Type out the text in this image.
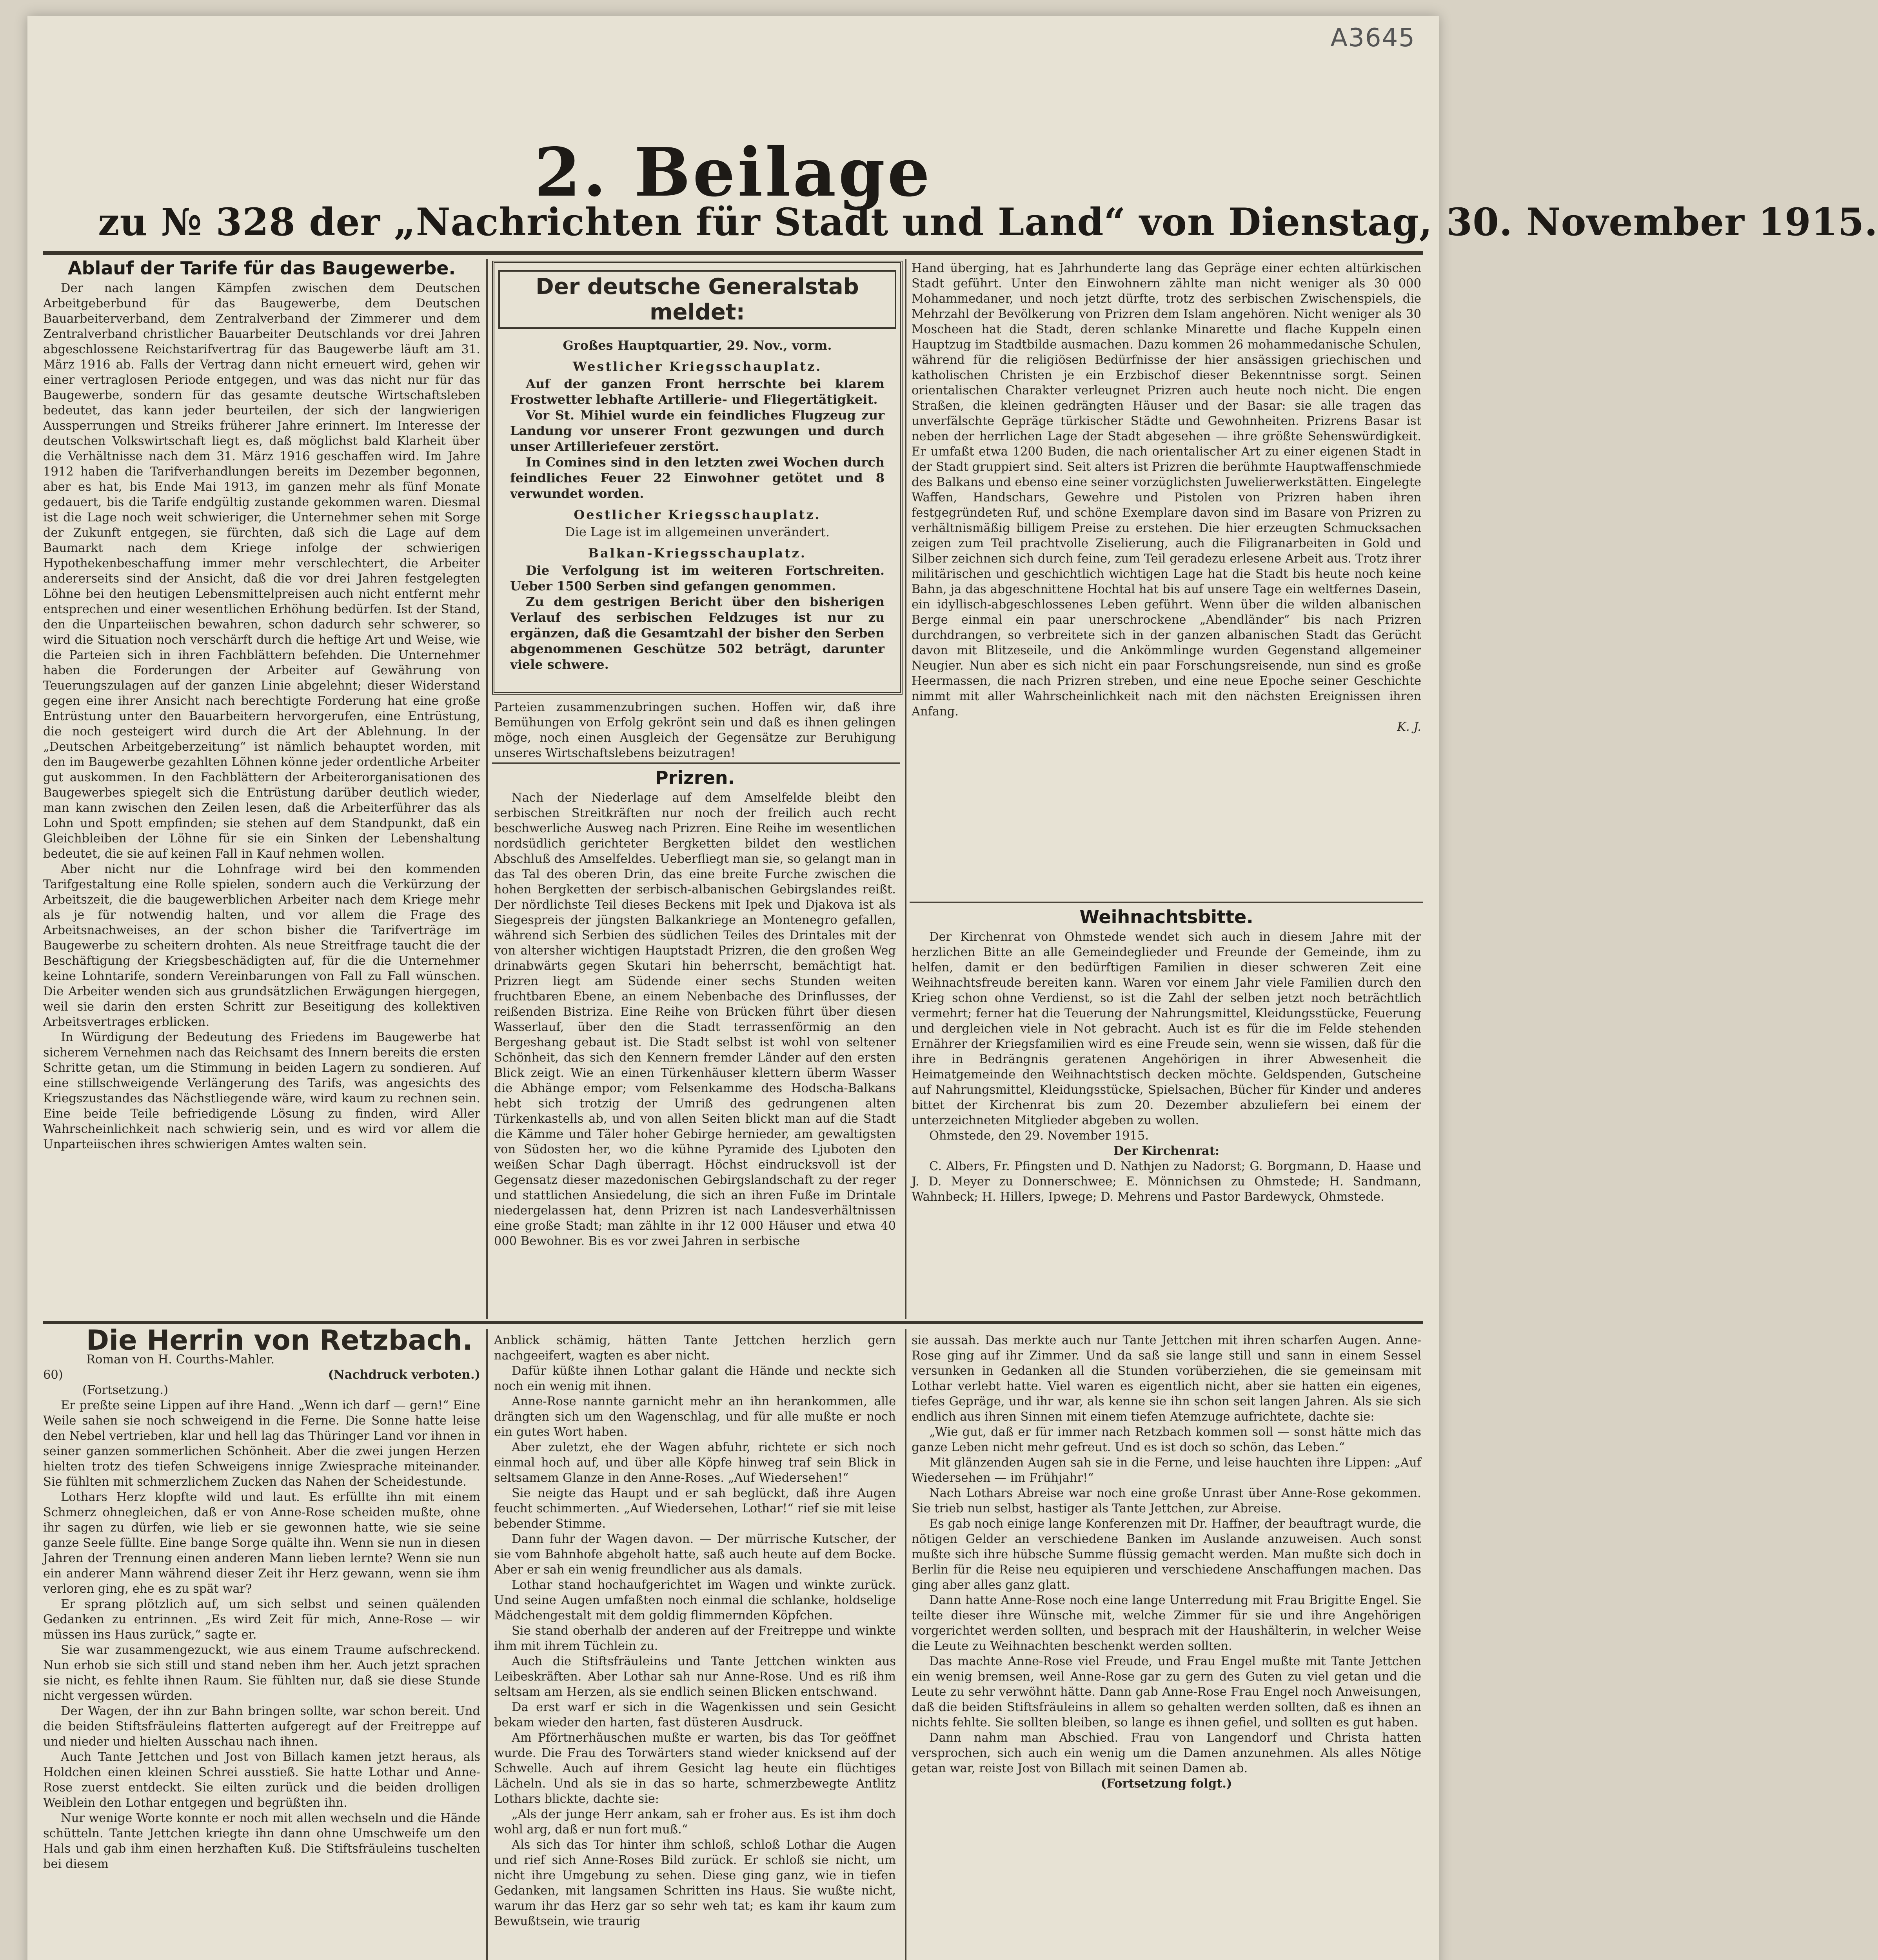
A3645
2. Beilage
zu № 328 der „Nachrichten für Stadt und Land“ von Dienstag, 30. November 1915.
Ablauf der Tarife für das Baugewerbe.

Der nach langen Kämpfen zwischen dem Deutschen Arbeitgeberbund für das Baugewerbe, dem Deutschen Bauarbeiterverband, dem Zentralverband der Zimmerer und dem Zentralverband christlicher Bauarbeiter Deutschlands vor drei Jahren abgeschlossene Reichstarifvertrag für das Baugewerbe läuft am 31. März 1916 ab. Falls der Vertrag dann nicht erneuert wird, gehen wir einer vertraglosen Periode entgegen, und was das nicht nur für das Baugewerbe, sondern für das gesamte deutsche Wirtschaftsleben bedeutet, das kann jeder beurteilen, der sich der langwierigen Aussperrungen und Streiks früherer Jahre erinnert. Im Interesse der deutschen Volkswirtschaft liegt es, daß möglichst bald Klarheit über die Verhältnisse nach dem 31. März 1916 geschaffen wird. Im Jahre 1912 haben die Tarifverhandlungen bereits im Dezember begonnen, aber es hat, bis Ende Mai 1913, im ganzen mehr als fünf Monate gedauert, bis die Tarife endgültig zustande gekommen waren. Diesmal ist die Lage noch weit schwieriger, die Unternehmer sehen mit Sorge der Zukunft entgegen, sie fürchten, daß sich die Lage auf dem Baumarkt nach dem Kriege infolge der schwierigen Hypothekenbeschaffung immer mehr verschlechtert, die Arbeiter andererseits sind der Ansicht, daß die vor drei Jahren festgelegten Löhne bei den heutigen Lebensmittelpreisen auch nicht entfernt mehr entsprechen und einer wesentlichen Erhöhung bedürfen. Ist der Stand, den die Unparteiischen bewahren, schon dadurch sehr schwerer, so wird die Situation noch verschärft durch die heftige Art und Weise, wie die Parteien sich in ihren Fachblättern befehden. Die Unternehmer haben die Forderungen der Arbeiter auf Gewährung von Teuerungszulagen auf der ganzen Linie abgelehnt; dieser Widerstand gegen eine ihrer Ansicht nach berechtigte Forderung hat eine große Entrüstung unter den Bauarbeitern hervorgerufen, eine Entrüstung, die noch gesteigert wird durch die Art der Ablehnung. In der „Deutschen Arbeitgeberzeitung“ ist nämlich behauptet worden, mit den im Baugewerbe gezahlten Löhnen könne jeder ordentliche Arbeiter gut auskommen. In den Fachblättern der Arbeiterorganisationen des Baugewerbes spiegelt sich die Entrüstung darüber deutlich wieder, man kann zwischen den Zeilen lesen, daß die Arbeiterführer das als Lohn und Spott empfinden; sie stehen auf dem Standpunkt, daß ein Gleichbleiben der Löhne für sie ein Sinken der Lebenshaltung bedeutet, die sie auf keinen Fall in Kauf nehmen wollen.

Aber nicht nur die Lohnfrage wird bei den kommenden Tarifgestaltung eine Rolle spielen, sondern auch die Verkürzung der Arbeitszeit, die die baugewerblichen Arbeiter nach dem Kriege mehr als je für notwendig halten, und vor allem die Frage des Arbeitsnachweises, an der schon bisher die Tarifverträge im Baugewerbe zu scheitern drohten. Als neue Streitfrage taucht die der Beschäftigung der Kriegsbeschädigten auf, für die die Unternehmer keine Lohntarife, sondern Vereinbarungen von Fall zu Fall wünschen. Die Arbeiter wenden sich aus grundsätzlichen Erwägungen hiergegen, weil sie darin den ersten Schritt zur Beseitigung des kollektiven Arbeitsvertrages erblicken.

In Würdigung der Bedeutung des Friedens im Baugewerbe hat sicherem Vernehmen nach das Reichsamt des Innern bereits die ersten Schritte getan, um die Stimmung in beiden Lagern zu sondieren. Auf eine stillschweigende Verlängerung des Tarifs, was angesichts des Kriegszustandes das Nächstliegende wäre, wird kaum zu rechnen sein. Eine beide Teile befriedigende Lösung zu finden, wird Aller Wahrscheinlichkeit nach schwierig sein, und es wird vor allem die Unparteiischen ihres schwierigen Amtes walten sein.

Der deutsche Generalstab meldet:

Großes Hauptquartier, 29. Nov., vorm.

Westlicher Kriegsschauplatz.

Auf der ganzen Front herrschte bei klarem Frostwetter lebhafte Artillerie- und Fliegertätigkeit.

Vor St. Mihiel wurde ein feindliches Flugzeug zur Landung vor unserer Front gezwungen und durch unser Artilleriefeuer zerstört.

In Comines sind in den letzten zwei Wochen durch feindliches Feuer 22 Einwohner getötet und 8 verwundet worden.

Oestlicher Kriegsschauplatz.

Die Lage ist im allgemeinen unverändert.

Balkan-Kriegsschauplatz.

Die Verfolgung ist im weiteren Fortschreiten. Ueber 1500 Serben sind gefangen genommen.

Zu dem gestrigen Bericht über den bisherigen Verlauf des serbischen Feldzuges ist nur zu ergänzen, daß die Gesamtzahl der bisher den Serben abgenommenen Geschütze 502 beträgt, darunter viele schwere.

Parteien zusammenzubringen suchen. Hoffen wir, daß ihre Bemühungen von Erfolg gekrönt sein und daß es ihnen gelingen möge, noch einen Ausgleich der Gegensätze zur Beruhigung unseres Wirtschaftslebens beizutragen!

Prizren.

Nach der Niederlage auf dem Amselfelde bleibt den serbischen Streitkräften nur noch der freilich auch recht beschwerliche Ausweg nach Prizren. Eine Reihe im wesentlichen nordsüdlich gerichteter Bergketten bildet den westlichen Abschluß des Amselfeldes. Ueberfliegt man sie, so gelangt man in das Tal des oberen Drin, das eine breite Furche zwischen die hohen Bergketten der serbisch-albanischen Gebirgslandes reißt. Der nördlichste Teil dieses Beckens mit Ipek und Djakova ist als Siegespreis der jüngsten Balkankriege an Montenegro gefallen, während sich Serbien des südlichen Teiles des Drintales mit der von altersher wichtigen Hauptstadt Prizren, die den großen Weg drinabwärts gegen Skutari hin beherrscht, bemächtigt hat. Prizren liegt am Südende einer sechs Stunden weiten fruchtbaren Ebene, an einem Nebenbache des Drinflusses, der reißenden Bistriza. Eine Reihe von Brücken führt über diesen Wasserlauf, über den die Stadt terrassenförmig an den Bergeshang gebaut ist. Die Stadt selbst ist wohl von seltener Schönheit, das sich den Kennern fremder Länder auf den ersten Blick zeigt. Wie an einen Türkenhäuser klettern überm Wasser die Abhänge empor; vom Felsenkamme des Hodscha-Balkans hebt sich trotzig der Umriß des gedrungenen alten Türkenkastells ab, und von allen Seiten blickt man auf die Stadt die Kämme und Täler hoher Gebirge hernieder, am gewaltigsten von Südosten her, wo die kühne Pyramide des Ljuboten den weißen Schar Dagh überragt. Höchst eindrucksvoll ist der Gegensatz dieser mazedonischen Gebirgslandschaft zu der reger und stattlichen Ansiedelung, die sich an ihren Fuße im Drintale niedergelassen hat, denn Prizren ist nach Landesverhältnissen eine große Stadt; man zählte in ihr 12 000 Häuser und etwa 40 000 Bewohner. Bis es vor zwei Jahren in serbische

Hand überging, hat es Jahrhunderte lang das Gepräge einer echten altürkischen Stadt geführt. Unter den Einwohnern zählte man nicht weniger als 30 000 Mohammedaner, und noch jetzt dürfte, trotz des serbischen Zwischenspiels, die Mehrzahl der Bevölkerung von Prizren dem Islam angehören. Nicht weniger als 30 Moscheen hat die Stadt, deren schlanke Minarette und flache Kuppeln einen Hauptzug im Stadtbilde ausmachen. Dazu kommen 26 mohammedanische Schulen, während für die religiösen Bedürfnisse der hier ansässigen griechischen und katholischen Christen je ein Erzbischof dieser Bekenntnisse sorgt. Seinen orientalischen Charakter verleugnet Prizren auch heute noch nicht. Die engen Straßen, die kleinen gedrängten Häuser und der Basar: sie alle tragen das unverfälschte Gepräge türkischer Städte und Gewohnheiten. Prizrens Basar ist neben der herrlichen Lage der Stadt abgesehen — ihre größte Sehenswürdigkeit. Er umfaßt etwa 1200 Buden, die nach orientalischer Art zu einer eigenen Stadt in der Stadt gruppiert sind. Seit alters ist Prizren die berühmte Hauptwaffenschmiede des Balkans und ebenso eine seiner vorzüglichsten Juwelierwerkstätten. Eingelegte Waffen, Handschars, Gewehre und Pistolen von Prizren haben ihren festgegründeten Ruf, und schöne Exemplare davon sind im Basare von Prizren zu verhältnismäßig billigem Preise zu erstehen. Die hier erzeugten Schmucksachen zeigen zum Teil prachtvolle Ziselierung, auch die Filigranarbeiten in Gold und Silber zeichnen sich durch feine, zum Teil geradezu erlesene Arbeit aus. Trotz ihrer militärischen und geschichtlich wichtigen Lage hat die Stadt bis heute noch keine Bahn, ja das abgeschnittene Hochtal hat bis auf unsere Tage ein weltfernes Dasein, ein idyllisch-abgeschlossenes Leben geführt. Wenn über die wilden albanischen Berge einmal ein paar unerschrockene „Abendländer“ bis nach Prizren durchdrangen, so verbreitete sich in der ganzen albanischen Stadt das Gerücht davon mit Blitzeseile, und die Ankömmlinge wurden Gegenstand allgemeiner Neugier. Nun aber es sich nicht ein paar Forschungsreisende, nun sind es große Heermassen, die nach Prizren streben, und eine neue Epoche seiner Geschichte nimmt mit aller Wahrscheinlichkeit nach mit den nächsten Ereignissen ihren Anfang.

K. J.

Weihnachtsbitte.

Der Kirchenrat von Ohmstede wendet sich auch in diesem Jahre mit der herzlichen Bitte an alle Gemeindeglieder und Freunde der Gemeinde, ihm zu helfen, damit er den bedürftigen Familien in dieser schweren Zeit eine Weihnachtsfreude bereiten kann. Waren vor einem Jahr viele Familien durch den Krieg schon ohne Verdienst, so ist die Zahl der selben jetzt noch beträchtlich vermehrt; ferner hat die Teuerung der Nahrungsmittel, Kleidungsstücke, Feuerung und dergleichen viele in Not gebracht. Auch ist es für die im Felde stehenden Ernährer der Kriegsfamilien wird es eine Freude sein, wenn sie wissen, daß für die ihre in Bedrängnis geratenen Angehörigen in ihrer Abwesenheit die Heimatgemeinde den Weihnachtstisch decken möchte. Geldspenden, Gutscheine auf Nahrungsmittel, Kleidungsstücke, Spielsachen, Bücher für Kinder und anderes bittet der Kirchenrat bis zum 20. Dezember abzuliefern bei einem der unterzeichneten Mitglieder abgeben zu wollen.

Ohmstede, den 29. November 1915.

Der Kirchenrat:

C. Albers, Fr. Pfingsten und D. Nathjen zu Nadorst; G. Borgmann, D. Haase und J. D. Meyer zu Donnerschwee; E. Mönnichsen zu Ohmstede; H. Sandmann, Wahnbeck; H. Hillers, Ipwege; D. Mehrens und Pastor Bardewyck, Ohmstede.

Die Herrin von Retzbach.

Roman von H. Courths-Mahler.

60)	(Nachdruck verboten.)

(Fortsetzung.)

Er preßte seine Lippen auf ihre Hand. „Wenn ich darf — gern!“ Eine Weile sahen sie noch schweigend in die Ferne. Die Sonne hatte leise den Nebel vertrieben, klar und hell lag das Thüringer Land vor ihnen in seiner ganzen sommerlichen Schönheit. Aber die zwei jungen Herzen hielten trotz des tiefen Schweigens innige Zwiesprache miteinander. Sie fühlten mit schmerzlichem Zucken das Nahen der Scheidestunde.

Lothars Herz klopfte wild und laut. Es erfüllte ihn mit einem Schmerz ohnegleichen, daß er von Anne-Rose scheiden mußte, ohne ihr sagen zu dürfen, wie lieb er sie gewonnen hatte, wie sie seine ganze Seele füllte. Eine bange Sorge quälte ihn. Wenn sie nun in diesen Jahren der Trennung einen anderen Mann lieben lernte? Wenn sie nun ein anderer Mann während dieser Zeit ihr Herz gewann, wenn sie ihm verloren ging, ehe es zu spät war?

Er sprang plötzlich auf, um sich selbst und seinen quälenden Gedanken zu entrinnen. „Es wird Zeit für mich, Anne-Rose — wir müssen ins Haus zurück,“ sagte er.

Sie war zusammengezuckt, wie aus einem Traume aufschreckend. Nun erhob sie sich still und stand neben ihm her. Auch jetzt sprachen sie nicht, es fehlte ihnen Raum. Sie fühlten nur, daß sie diese Stunde nicht vergessen würden.

Der Wagen, der ihn zur Bahn bringen sollte, war schon bereit. Und die beiden Stiftsfräuleins flatterten aufgeregt auf der Freitreppe auf und nieder und hielten Ausschau nach ihnen.

Auch Tante Jettchen und Jost von Billach kamen jetzt heraus, als Holdchen einen kleinen Schrei ausstieß. Sie hatte Lothar und Anne-Rose zuerst entdeckt. Sie eilten zurück und die beiden drolligen Weiblein den Lothar entgegen und begrüßten ihn.

Nur wenige Worte konnte er noch mit allen wechseln und die Hände schütteln. Tante Jettchen kriegte ihn dann ohne Umschweife um den Hals und gab ihm einen herzhaften Kuß. Die Stiftsfräuleins tuschelten bei diesem

Anblick schämig, hätten Tante Jettchen herzlich gern nachgeeifert, wagten es aber nicht.

Dafür küßte ihnen Lothar galant die Hände und neckte sich noch ein wenig mit ihnen.

Anne-Rose nannte garnicht mehr an ihn herankommen, alle drängten sich um den Wagenschlag, und für alle mußte er noch ein gutes Wort haben.

Aber zuletzt, ehe der Wagen abfuhr, richtete er sich noch einmal hoch auf, und über alle Köpfe hinweg traf sein Blick in seltsamem Glanze in den Anne-Roses. „Auf Wiedersehen!“

Sie neigte das Haupt und er sah beglückt, daß ihre Augen feucht schimmerten. „Auf Wiedersehen, Lothar!“ rief sie mit leise bebender Stimme.

Dann fuhr der Wagen davon. — Der mürrische Kutscher, der sie vom Bahnhofe abgeholt hatte, saß auch heute auf dem Bocke. Aber er sah ein wenig freundlicher aus als damals.

Lothar stand hochaufgerichtet im Wagen und winkte zurück. Und seine Augen umfaßten noch einmal die schlanke, holdselige Mädchengestalt mit dem goldig flimmernden Köpfchen.

Sie stand oberhalb der anderen auf der Freitreppe und winkte ihm mit ihrem Tüchlein zu.

Auch die Stiftsfräuleins und Tante Jettchen winkten aus Leibeskräften. Aber Lothar sah nur Anne-Rose. Und es riß ihm seltsam am Herzen, als sie endlich seinen Blicken entschwand.

Da erst warf er sich in die Wagenkissen und sein Gesicht bekam wieder den harten, fast düsteren Ausdruck.

Am Pförtnerhäuschen mußte er warten, bis das Tor geöffnet wurde. Die Frau des Torwärters stand wieder knicksend auf der Schwelle. Auch auf ihrem Gesicht lag heute ein flüchtiges Lächeln. Und als sie in das so harte, schmerzbewegte Antlitz Lothars blickte, dachte sie:

„Als der junge Herr ankam, sah er froher aus. Es ist ihm doch wohl arg, daß er nun fort muß.“

Als sich das Tor hinter ihm schloß, schloß Lothar die Augen und rief sich Anne-Roses Bild zurück. Er schloß sie nicht, um nicht ihre Umgebung zu sehen. Diese ging ganz, wie in tiefen Gedanken, mit langsamen Schritten ins Haus. Sie wußte nicht, warum ihr das Herz gar so sehr weh tat; es kam ihr kaum zum Bewußtsein, wie traurig

sie aussah. Das merkte auch nur Tante Jettchen mit ihren scharfen Augen. Anne-Rose ging auf ihr Zimmer. Und da saß sie lange still und sann in einem Sessel versunken in Gedanken all die Stunden vorüberziehen, die sie gemeinsam mit Lothar verlebt hatte. Viel waren es eigentlich nicht, aber sie hatten ein eigenes, tiefes Gepräge, und ihr war, als kenne sie ihn schon seit langen Jahren. Als sie sich endlich aus ihren Sinnen mit einem tiefen Atemzuge aufrichtete, dachte sie:

„Wie gut, daß er für immer nach Retzbach kommen soll — sonst hätte mich das ganze Leben nicht mehr gefreut. Und es ist doch so schön, das Leben.“

Mit glänzenden Augen sah sie in die Ferne, und leise hauchten ihre Lippen: „Auf Wiedersehen — im Frühjahr!“

Nach Lothars Abreise war noch eine große Unrast über Anne-Rose gekommen. Sie trieb nun selbst, hastiger als Tante Jettchen, zur Abreise.

Es gab noch einige lange Konferenzen mit Dr. Haffner, der beauftragt wurde, die nötigen Gelder an verschiedene Banken im Auslande anzuweisen. Auch sonst mußte sich ihre hübsche Summe flüssig gemacht werden. Man mußte sich doch in Berlin für die Reise neu equipieren und verschiedene Anschaffungen machen. Das ging aber alles ganz glatt.

Dann hatte Anne-Rose noch eine lange Unterredung mit Frau Brigitte Engel. Sie teilte dieser ihre Wünsche mit, welche Zimmer für sie und ihre Angehörigen vorgerichtet werden sollten, und besprach mit der Haushälterin, in welcher Weise die Leute zu Weihnachten beschenkt werden sollten.

Das machte Anne-Rose viel Freude, und Frau Engel mußte mit Tante Jettchen ein wenig bremsen, weil Anne-Rose gar zu gern des Guten zu viel getan und die Leute zu sehr verwöhnt hätte. Dann gab Anne-Rose Frau Engel noch Anweisungen, daß die beiden Stiftsfräuleins in allem so gehalten werden sollten, daß es ihnen an nichts fehlte. Sie sollten bleiben, so lange es ihnen gefiel, und sollten es gut haben.

Dann nahm man Abschied. Frau von Langendorf und Christa hatten versprochen, sich auch ein wenig um die Damen anzunehmen. Als alles Nötige getan war, reiste Jost von Billach mit seinen Damen ab.

(Fortsetzung folgt.)
